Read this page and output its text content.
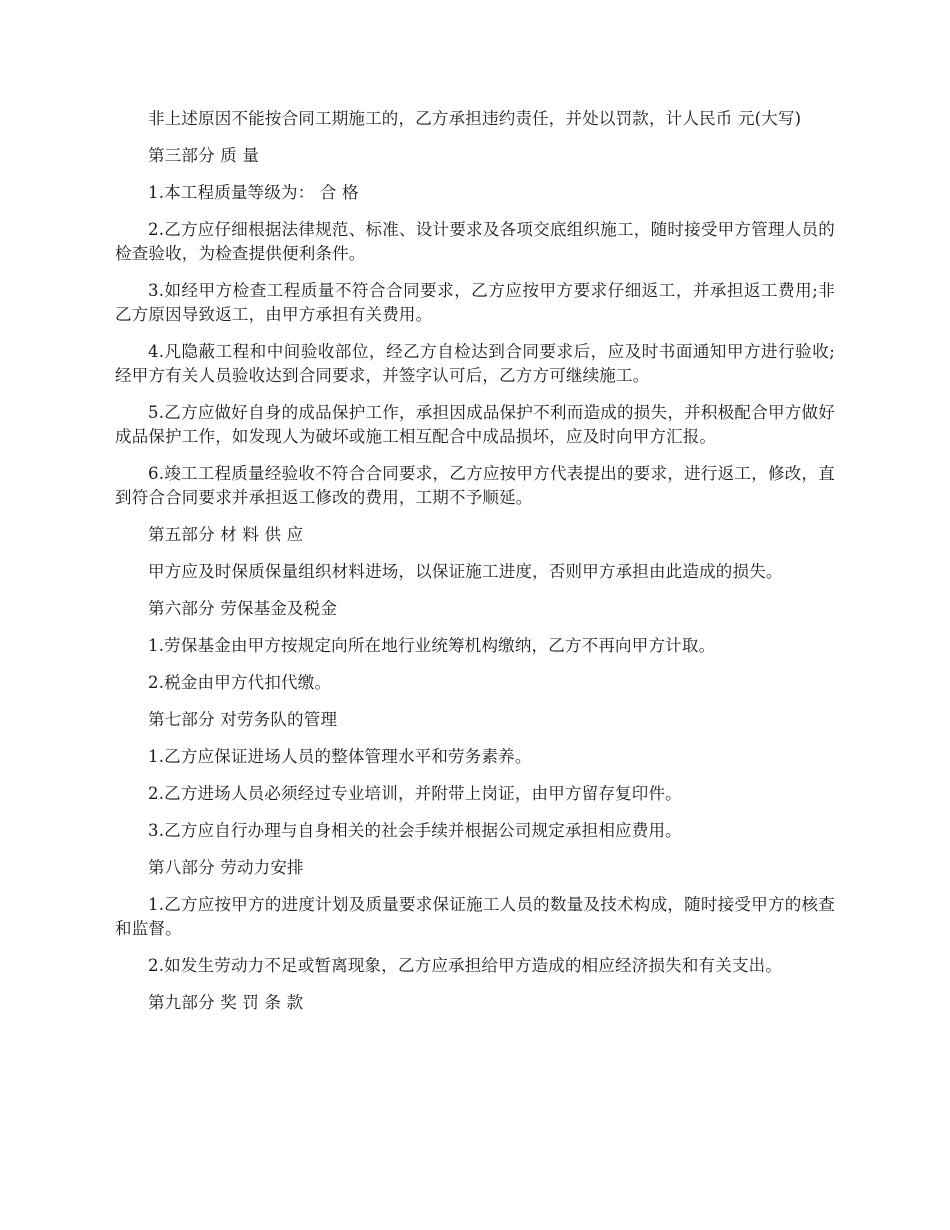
非上述原因不能按合同工期施工的，乙方承担违约责任，并处以罚款，计人民币 元(大写)

第三部分 质 量

1.本工程质量等级为： 合 格

2.乙方应仔细根据法律规范、标准、设计要求及各项交底组织施工，随时接受甲方管理人员的检查验收，为检查提供便利条件。

3.如经甲方检查工程质量不符合合同要求，乙方应按甲方要求仔细返工，并承担返工费用;非乙方原因导致返工，由甲方承担有关费用。

4.凡隐蔽工程和中间验收部位，经乙方自检达到合同要求后，应及时书面通知甲方进行验收;经甲方有关人员验收达到合同要求，并签字认可后，乙方方可继续施工。

5.乙方应做好自身的成品保护工作，承担因成品保护不利而造成的损失，并积极配合甲方做好成品保护工作，如发现人为破坏或施工相互配合中成品损坏，应及时向甲方汇报。

6.竣工工程质量经验收不符合合同要求，乙方应按甲方代表提出的要求，进行返工，修改，直到符合合同要求并承担返工修改的费用，工期不予顺延。

第五部分 材 料 供 应

甲方应及时保质保量组织材料进场，以保证施工进度，否则甲方承担由此造成的损失。

第六部分 劳保基金及税金

1.劳保基金由甲方按规定向所在地行业统筹机构缴纳，乙方不再向甲方计取。

2.税金由甲方代扣代缴。

第七部分 对劳务队的管理

1.乙方应保证进场人员的整体管理水平和劳务素养。

2.乙方进场人员必须经过专业培训，并附带上岗证，由甲方留存复印件。

3.乙方应自行办理与自身相关的社会手续并根据公司规定承担相应费用。

第八部分 劳动力安排

1.乙方应按甲方的进度计划及质量要求保证施工人员的数量及技术构成，随时接受甲方的核查和监督。

2.如发生劳动力不足或暂离现象，乙方应承担给甲方造成的相应经济损失和有关支出。

第九部分 奖 罚 条 款
